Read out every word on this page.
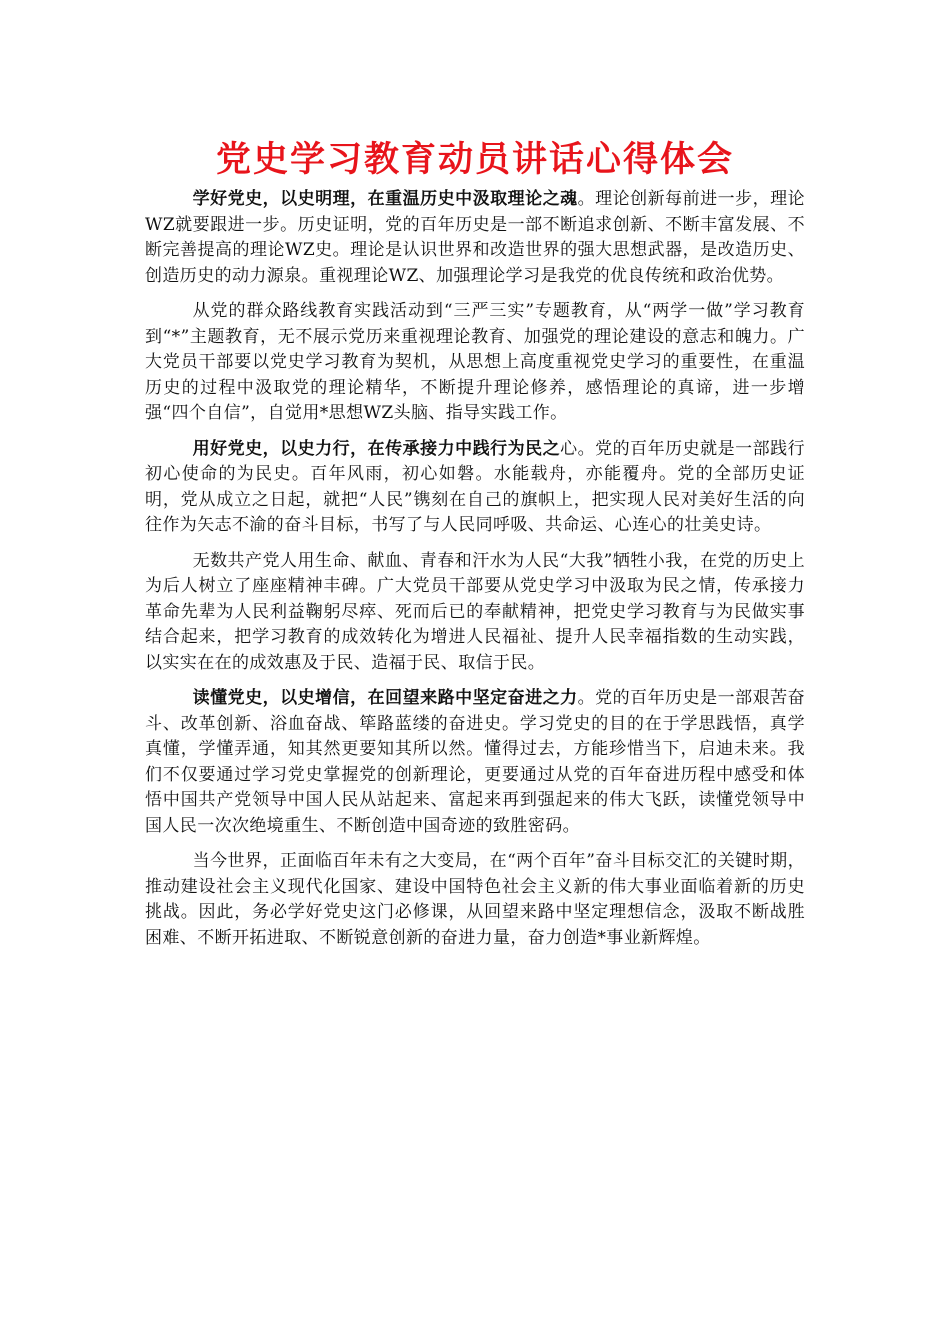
党史学习教育动员讲话心得体会

学好党史，以史明理，在重温历史中汲取理论之魂。理论创新每前进一步，理论WZ就要跟进一步。历史证明，党的百年历史是一部不断追求创新、不断丰富发展、不断完善提高的理论WZ史。理论是认识世界和改造世界的强大思想武器，是改造历史、创造历史的动力源泉。重视理论WZ、加强理论学习是我党的优良传统和政治优势。

从党的群众路线教育实践活动到“三严三实”专题教育，从“两学一做”学习教育到“*”主题教育，无不展示党历来重视理论教育、加强党的理论建设的意志和魄力。广大党员干部要以党史学习教育为契机，从思想上高度重视党史学习的重要性，在重温历史的过程中汲取党的理论精华，不断提升理论修养，感悟理论的真谛，进一步增强“四个自信”，自觉用*思想WZ头脑、指导实践工作。

用好党史，以史力行，在传承接力中践行为民之心。党的百年历史就是一部践行初心使命的为民史。百年风雨，初心如磐。水能载舟，亦能覆舟。党的全部历史证明，党从成立之日起，就把“人民”镌刻在自己的旗帜上，把实现人民对美好生活的向往作为矢志不渝的奋斗目标，书写了与人民同呼吸、共命运、心连心的壮美史诗。

无数共产党人用生命、献血、青春和汗水为人民“大我”牺牲小我，在党的历史上为后人树立了座座精神丰碑。广大党员干部要从党史学习中汲取为民之情，传承接力革命先辈为人民利益鞠躬尽瘁、死而后已的奉献精神，把党史学习教育与为民做实事结合起来，把学习教育的成效转化为增进人民福祉、提升人民幸福指数的生动实践，以实实在在的成效惠及于民、造福于民、取信于民。

读懂党史，以史增信，在回望来路中坚定奋进之力。党的百年历史是一部艰苦奋斗、改革创新、浴血奋战、筚路蓝缕的奋进史。学习党史的目的在于学思践悟，真学真懂，学懂弄通，知其然更要知其所以然。懂得过去，方能珍惜当下，启迪未来。我们不仅要通过学习党史掌握党的创新理论，更要通过从党的百年奋进历程中感受和体悟中国共产党领导中国人民从站起来、富起来再到强起来的伟大飞跃，读懂党领导中国人民一次次绝境重生、不断创造中国奇迹的致胜密码。

当今世界，正面临百年未有之大变局，在“两个百年”奋斗目标交汇的关键时期，推动建设社会主义现代化国家、建设中国特色社会主义新的伟大事业面临着新的历史挑战。因此，务必学好党史这门必修课，从回望来路中坚定理想信念，汲取不断战胜困难、不断开拓进取、不断锐意创新的奋进力量，奋力创造*事业新辉煌。
